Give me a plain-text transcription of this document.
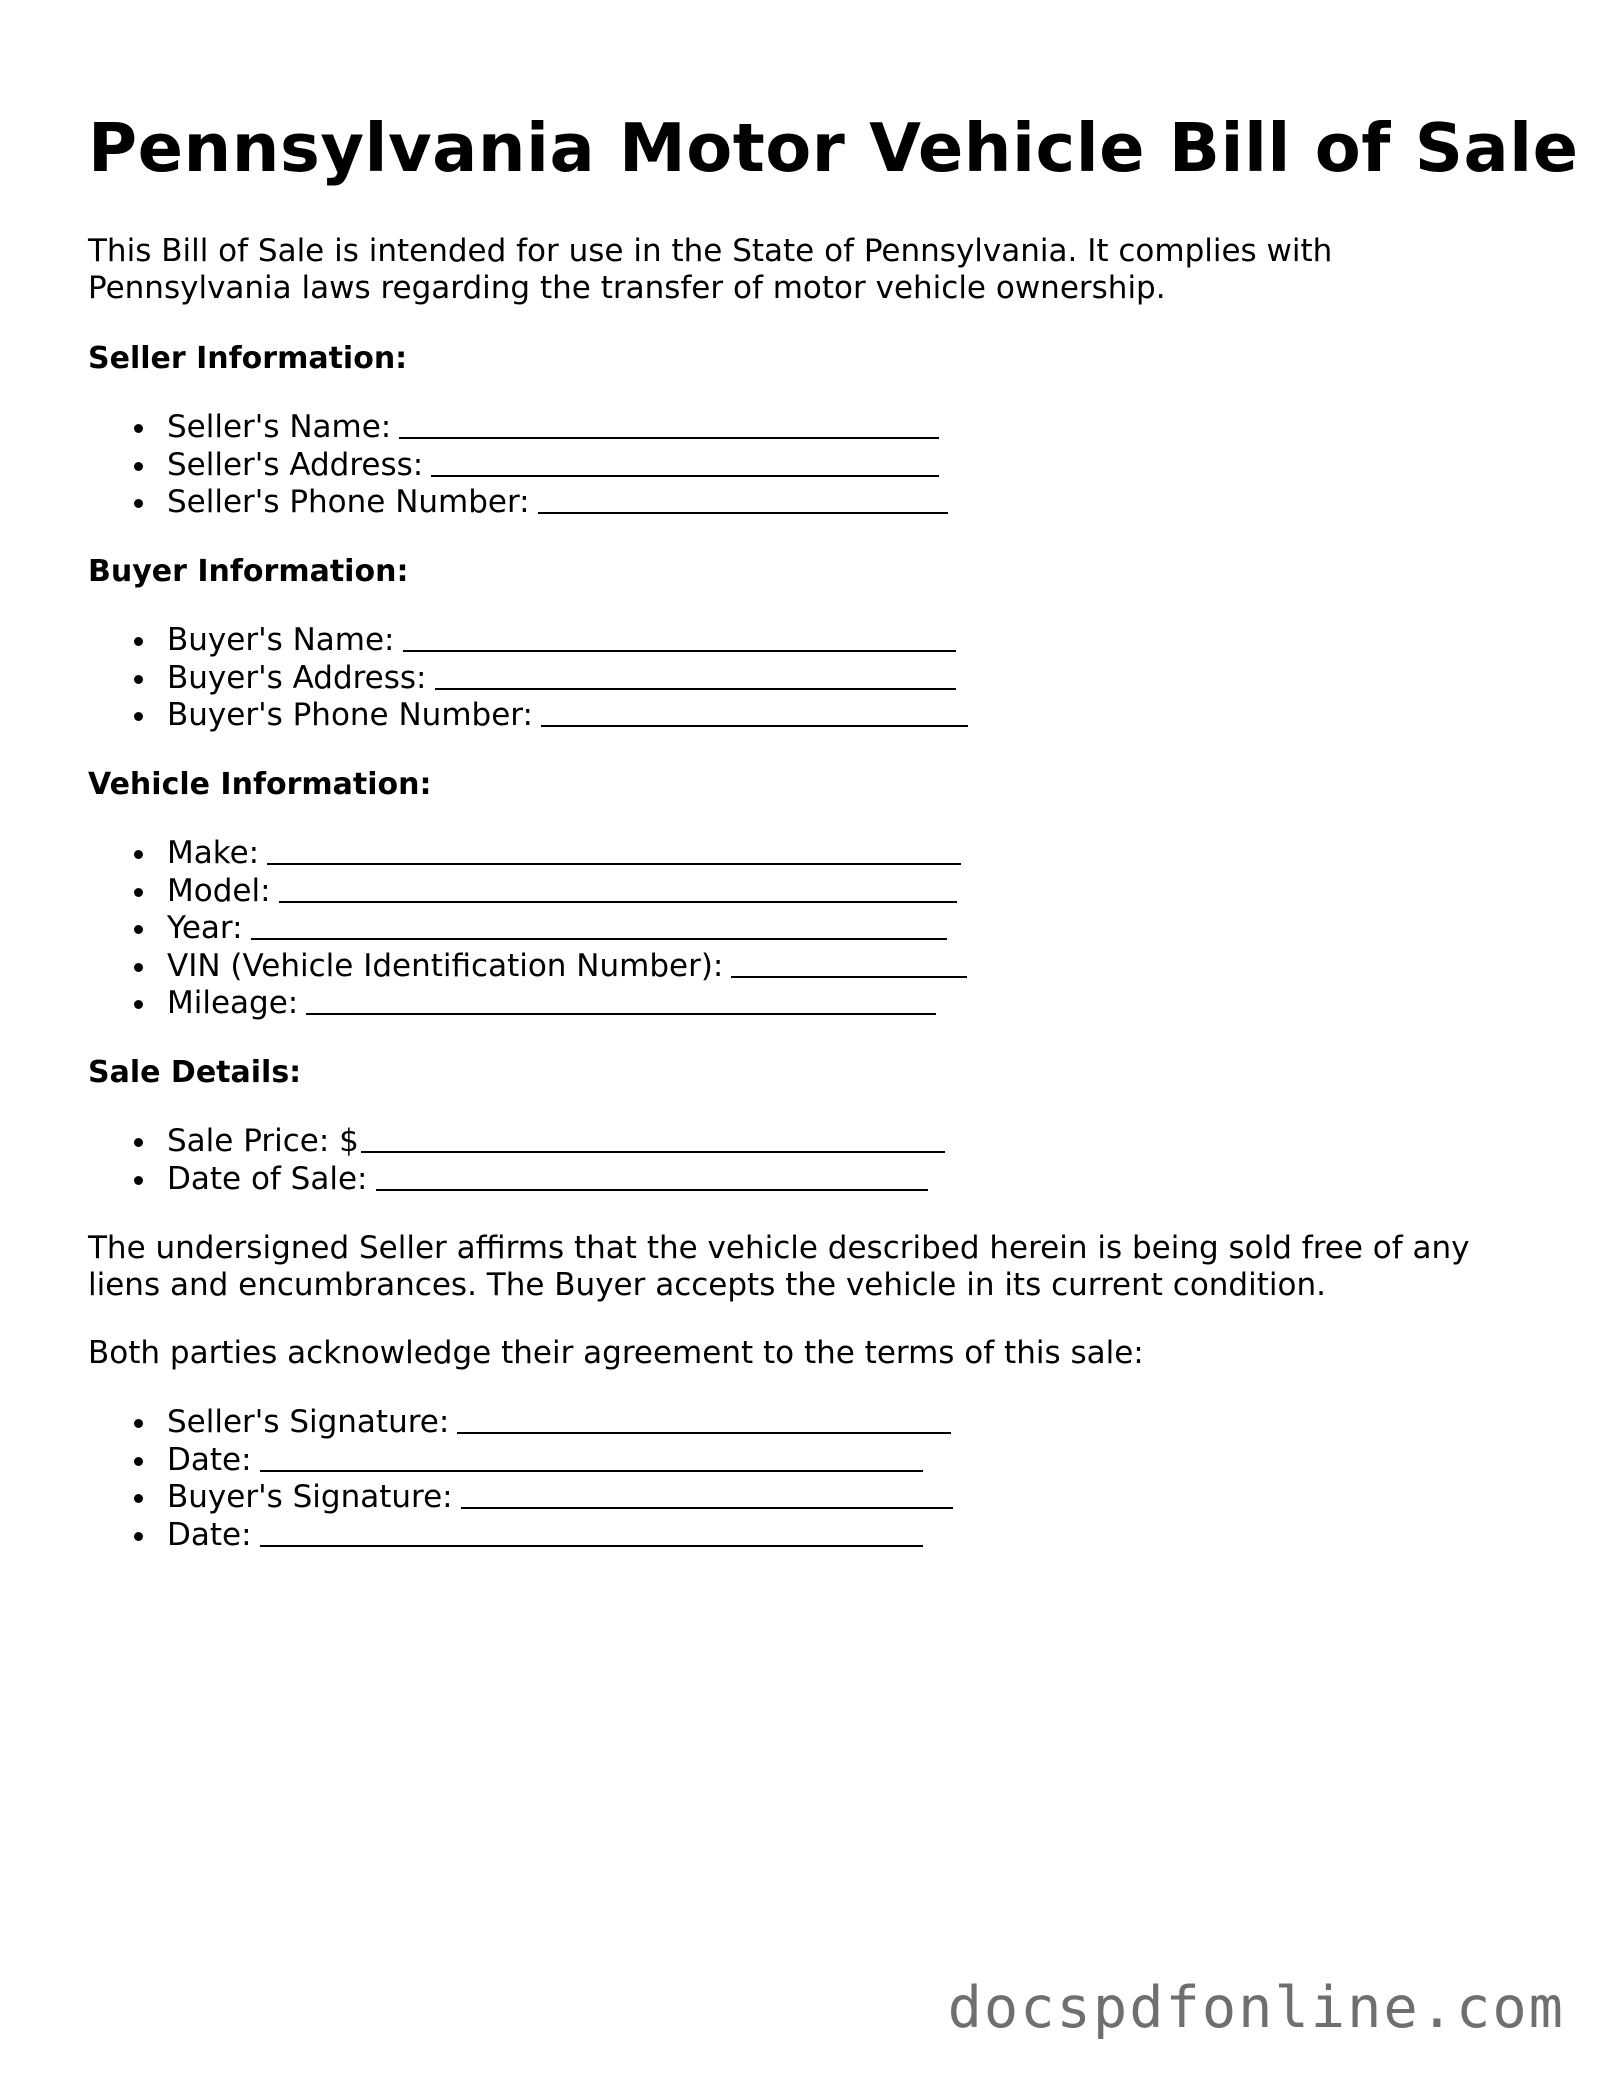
Pennsylvania Motor Vehicle Bill of Sale

This Bill of Sale is intended for use in the State of Pennsylvania. It complies with

Pennsylvania laws regarding the transfer of motor vehicle ownership.

Seller Information:

Seller's Name:
Seller's Address:
Seller's Phone Number:

Buyer Information:

Buyer's Name:
Buyer's Address:
Buyer's Phone Number:

Vehicle Information:

Make:
Model:
Year:
VIN (Vehicle Identification Number):
Mileage:

Sale Details:

Sale Price: $
Date of Sale:

The undersigned Seller affirms that the vehicle described herein is being sold free of any

liens and encumbrances. The Buyer accepts the vehicle in its current condition.

Both parties acknowledge their agreement to the terms of this sale:

Seller's Signature:
Date:
Buyer's Signature:
Date:
docspdfonline.com
